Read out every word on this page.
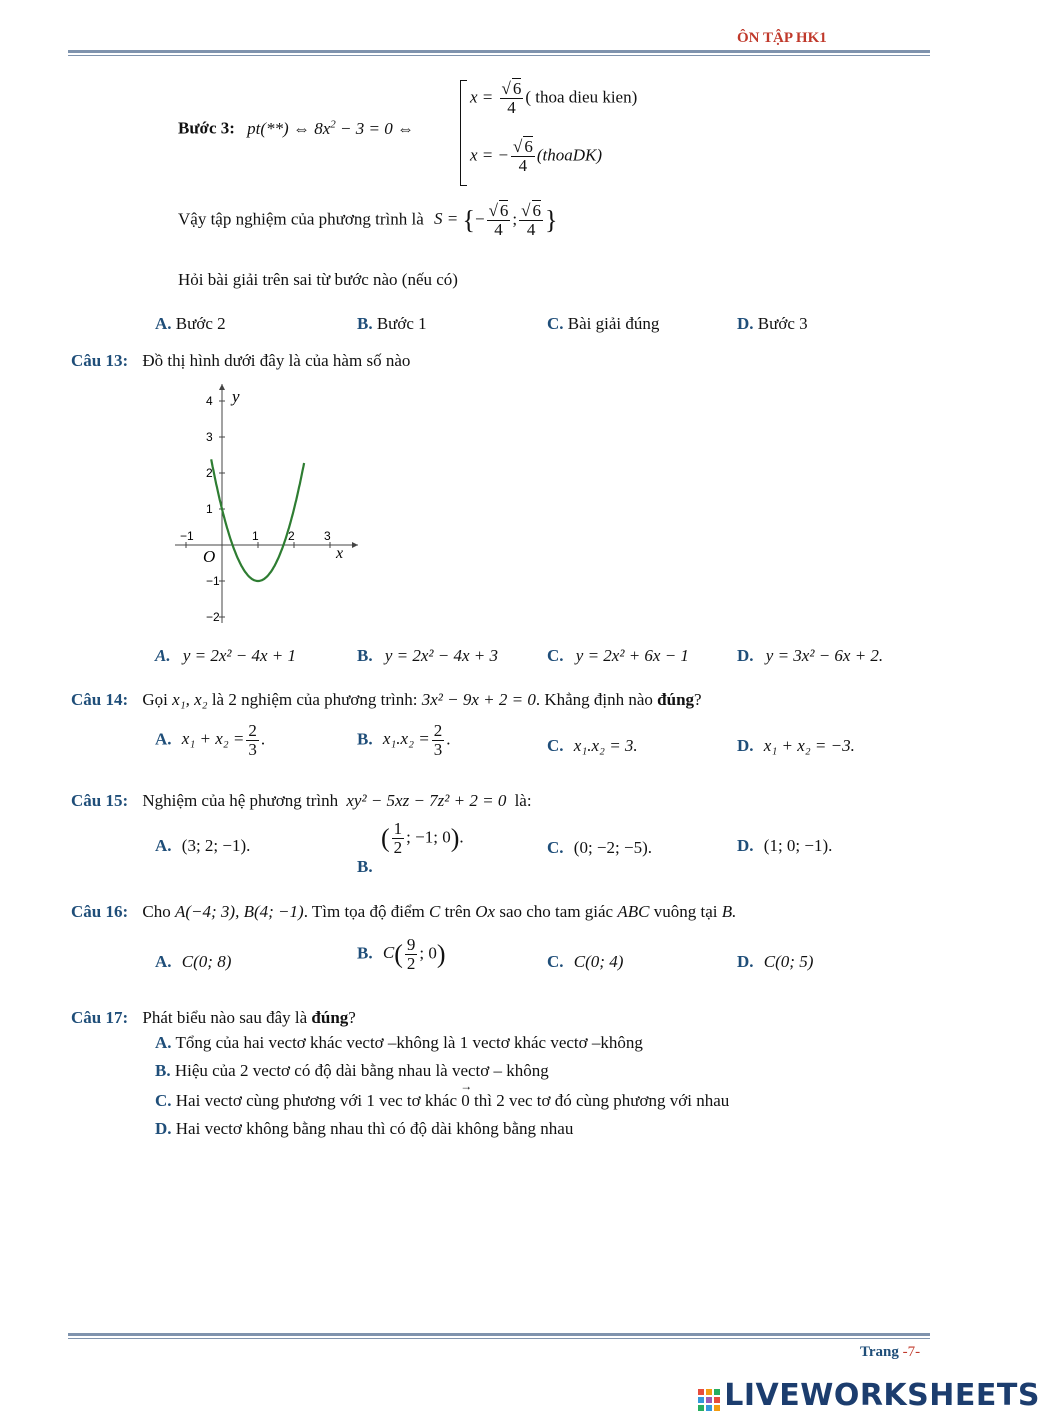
ÔN TẬP HK1
Bước 3: pt(**) ⇔ $8x^2 - 3 = 0$ ⇔
$x = \frac{√ 6}{4}$ ( thoa dieu kien)
x = − $\frac{√ 6}{4}$ (thoaDK)
Vậy tập nghiệm của phương trình là S = {− $\frac{√ 6}{4}$ ; $\frac{√ 6}{4}$ }
Hỏi bài giải trên sai từ bước nào (nếu có)
A. Bước 2	B. Bước 1	C. Bài giải đúng	D. Bước 3
Câu 13: Đồ thị hình dưới đây là của hàm số nào
−1	1 2 3
4
3
2
1
−1
−2
y
x
O
A. y = 2x² − 4x + 1	B. y = 2x² − 4x + 3	C. y = 2x² + 6x − 1	D. y = 3x² − 6x + 2.
Câu 14: Gọi x₁, x₂ là 2 nghiệm của phương trình: 3x² − 9x + 2 = 0. Khẳng định nào đúng?
A. $x_1 + x_2 = \frac{2}{3}$ .	B. $x_1.x_2 = \frac{2}{3}$ .	C. x₁.x₂ = 3.	D. x₁ + x₂ = −3.
Câu 15: Nghiệm của hệ phương trình xy² − 5xz − 7z² + 2 = 0 là:
A. (3; 2; −1).	( $\frac{1}{2}$ ; −1; 0).
B.
C. (0; −2; −5).	D. (1; 0; −1).
Câu 16: Cho A(−4; 3), B(4; −1). Tìm tọa độ điểm C trên Ox sao cho tam giác ABC vuông tại B.
A. C(0; 8)	B. $C( \frac{9}{2}$ ; 0)	C. C(0; 4)	D. C(0; 5)
Câu 17: Phát biểu nào sau đây là đúng?
A. Tổng của hai vectơ khác vectơ –không là 1 vectơ khác vectơ –không
B. Hiệu của 2 vectơ có độ dài bằng nhau là vectơ – không
C. Hai vectơ cùng phương với 1 vec tơ khác → 0 thì 2 vec tơ đó cùng phương với nhau
D. Hai vectơ không bằng nhau thì có độ dài không bằng nhau
Trang -7-
LIVEWORKSHEETS
